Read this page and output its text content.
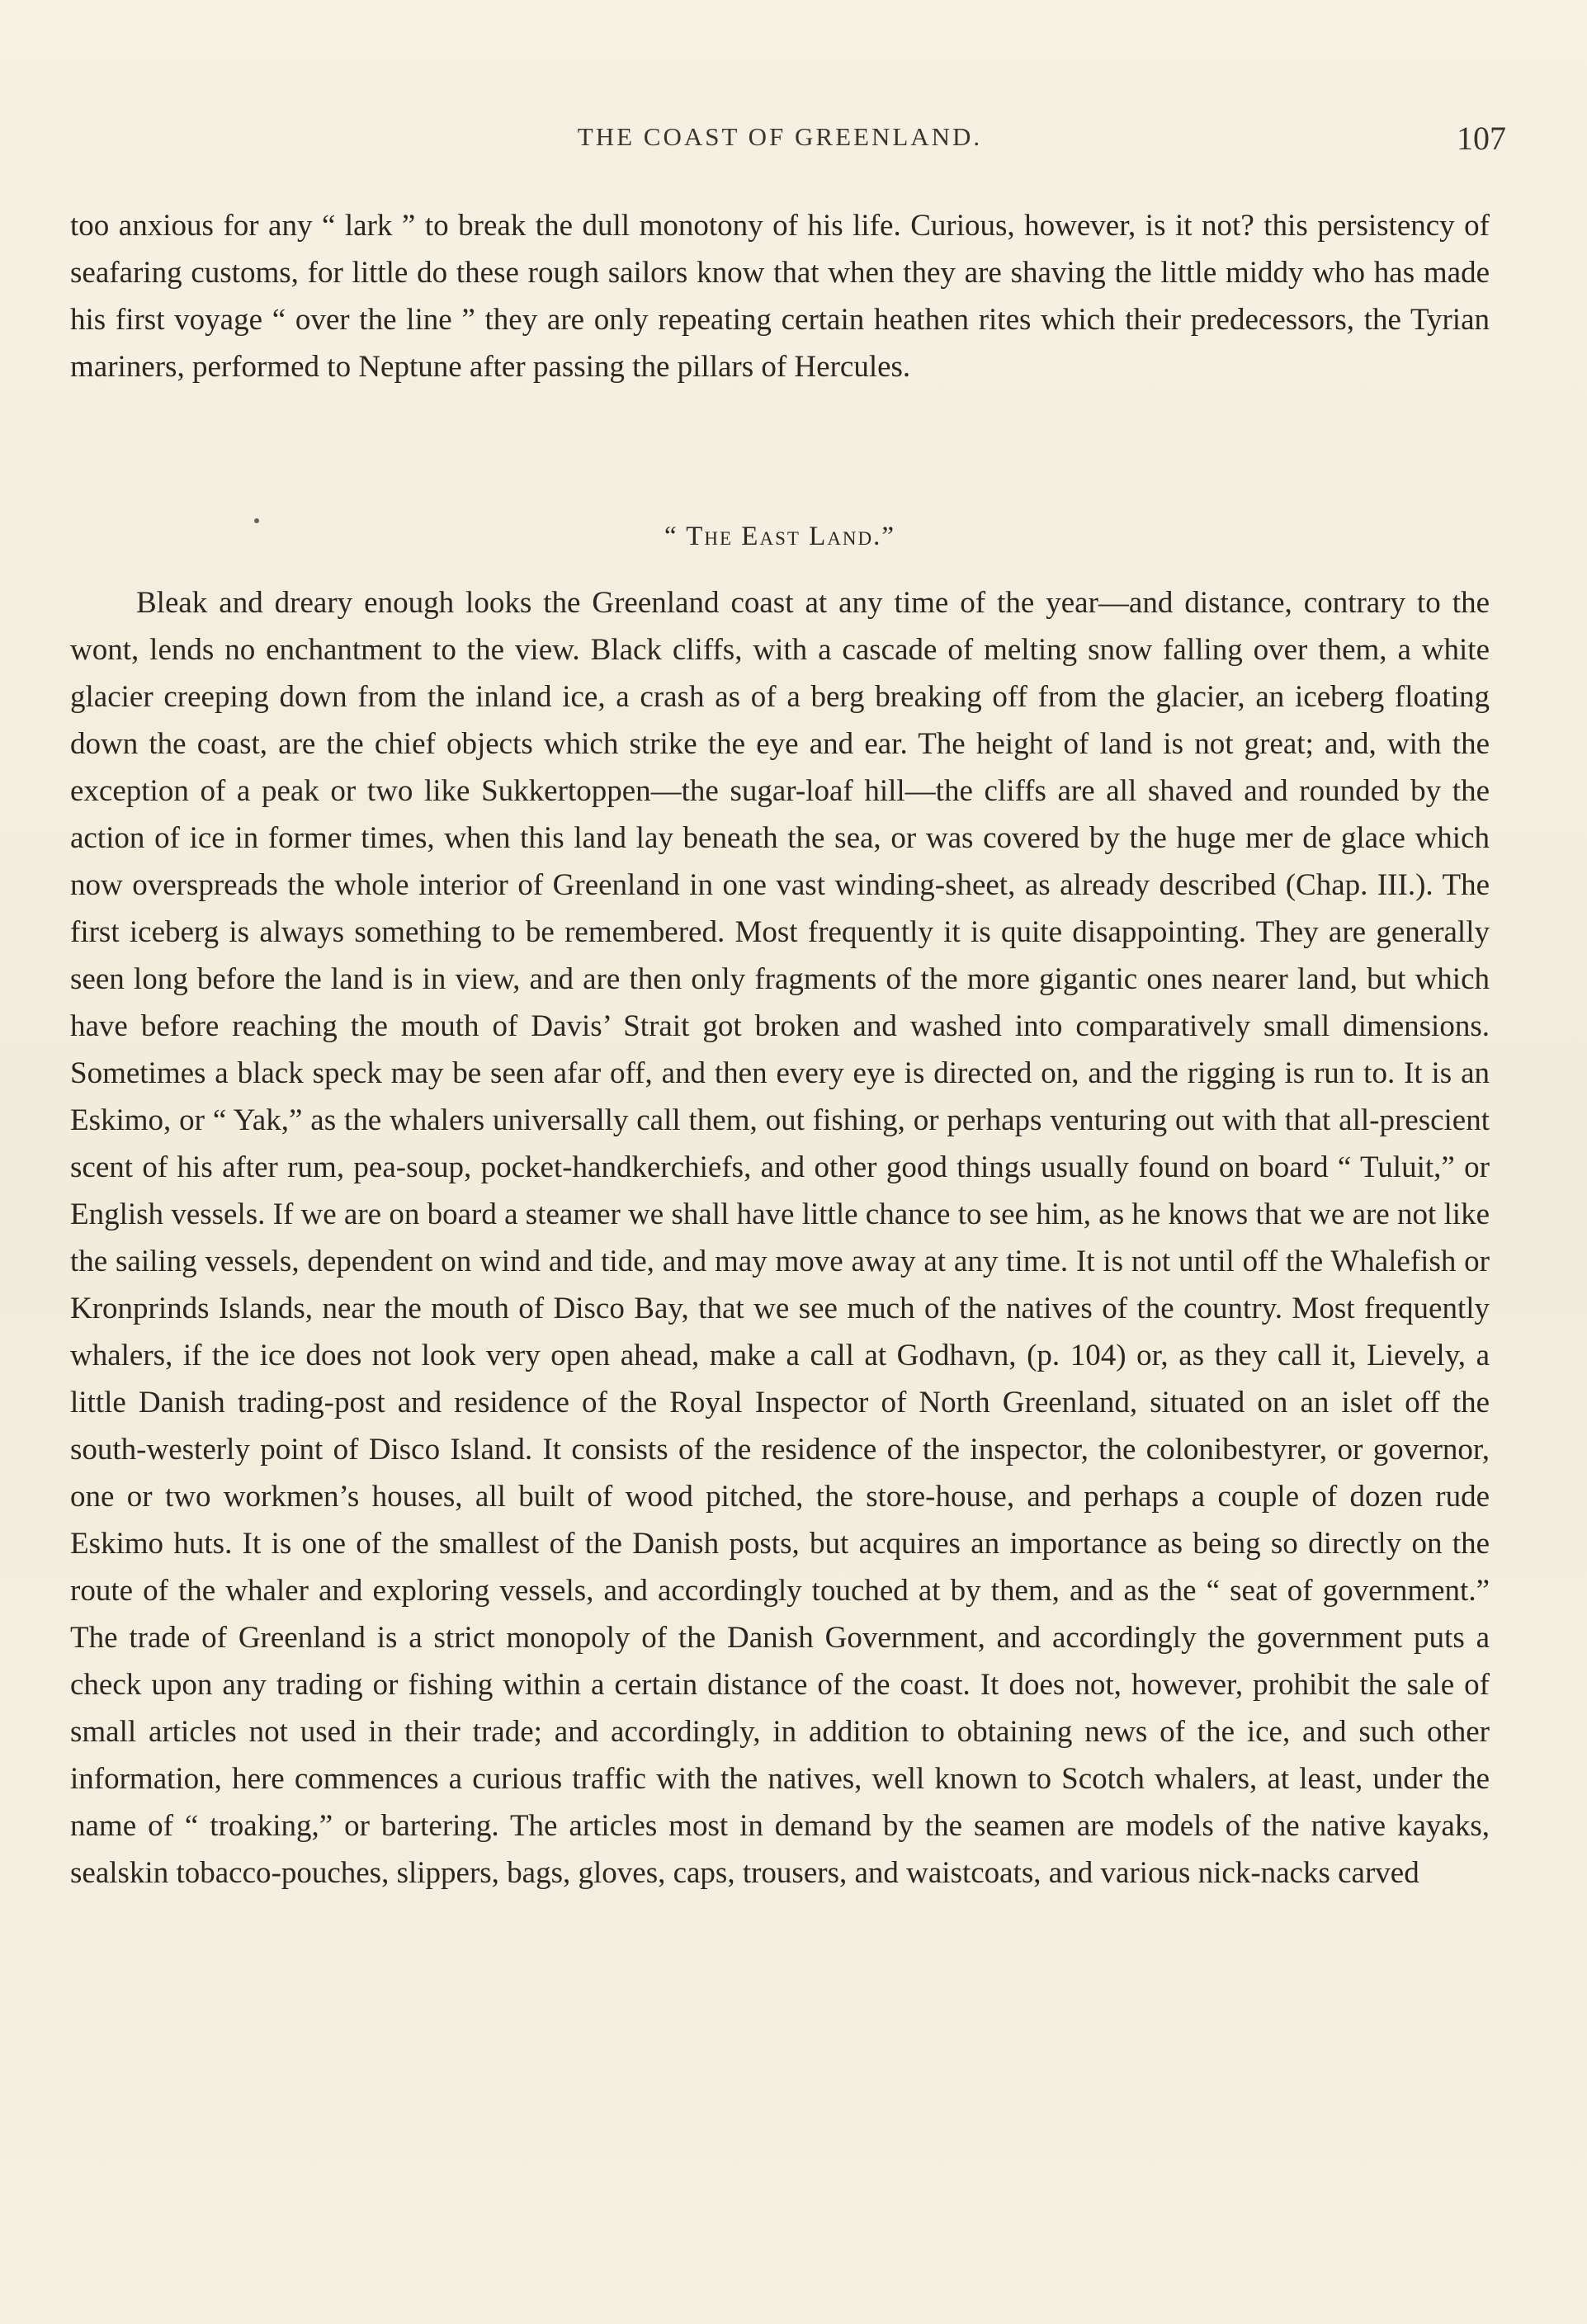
THE COAST OF GREENLAND.	107

too anxious for any “ lark ” to break the dull monotony of his life. Curious, however, is it not? this persistency of seafaring customs, for little do these rough sailors know that when they are shaving the little middy who has made his first voyage “ over the line ” they are only repeating certain heathen rites which their predecessors, the Tyrian mariners, performed to Neptune after passing the pillars of Hercules.

“ The East Land.”

Bleak and dreary enough looks the Greenland coast at any time of the year—and distance, contrary to the wont, lends no enchantment to the view. Black cliffs, with a cascade of melting snow falling over them, a white glacier creeping down from the inland ice, a crash as of a berg breaking off from the glacier, an iceberg floating down the coast, are the chief objects which strike the eye and ear. The height of land is not great; and, with the exception of a peak or two like Sukkertoppen—the sugar-loaf hill—the cliffs are all shaved and rounded by the action of ice in former times, when this land lay beneath the sea, or was covered by the huge mer de glace which now overspreads the whole interior of Greenland in one vast winding-sheet, as already described (Chap. III.). The first iceberg is always something to be remembered. Most frequently it is quite disappointing. They are generally seen long before the land is in view, and are then only fragments of the more gigantic ones nearer land, but which have before reaching the mouth of Davis’ Strait got broken and washed into comparatively small dimensions. Sometimes a black speck may be seen afar off, and then every eye is directed on, and the rigging is run to. It is an Eskimo, or “ Yak,” as the whalers universally call them, out fishing, or perhaps venturing out with that all-prescient scent of his after rum, pea-soup, pocket-handkerchiefs, and other good things usually found on board “ Tuluit,” or English vessels. If we are on board a steamer we shall have little chance to see him, as he knows that we are not like the sailing vessels, dependent on wind and tide, and may move away at any time. It is not until off the Whalefish or Kronprinds Islands, near the mouth of Disco Bay, that we see much of the natives of the country. Most frequently whalers, if the ice does not look very open ahead, make a call at Godhavn, (p. 104) or, as they call it, Lievely, a little Danish trading-post and residence of the Royal Inspector of North Greenland, situated on an islet off the south-westerly point of Disco Island. It consists of the residence of the inspector, the colonibestyrer, or governor, one or two workmen’s houses, all built of wood pitched, the store-house, and perhaps a couple of dozen rude Eskimo huts. It is one of the smallest of the Danish posts, but acquires an importance as being so directly on the route of the whaler and exploring vessels, and accordingly touched at by them, and as the “ seat of government.” The trade of Greenland is a strict monopoly of the Danish Government, and accordingly the government puts a check upon any trading or fishing within a certain distance of the coast. It does not, however, prohibit the sale of small articles not used in their trade; and accordingly, in addition to obtaining news of the ice, and such other information, here commences a curious traffic with the natives, well known to Scotch whalers, at least, under the name of “ troaking,” or bartering. The articles most in demand by the seamen are models of the native kayaks, sealskin tobacco-pouches, slippers, bags, gloves, caps, trousers, and waistcoats, and various nick-nacks carved
